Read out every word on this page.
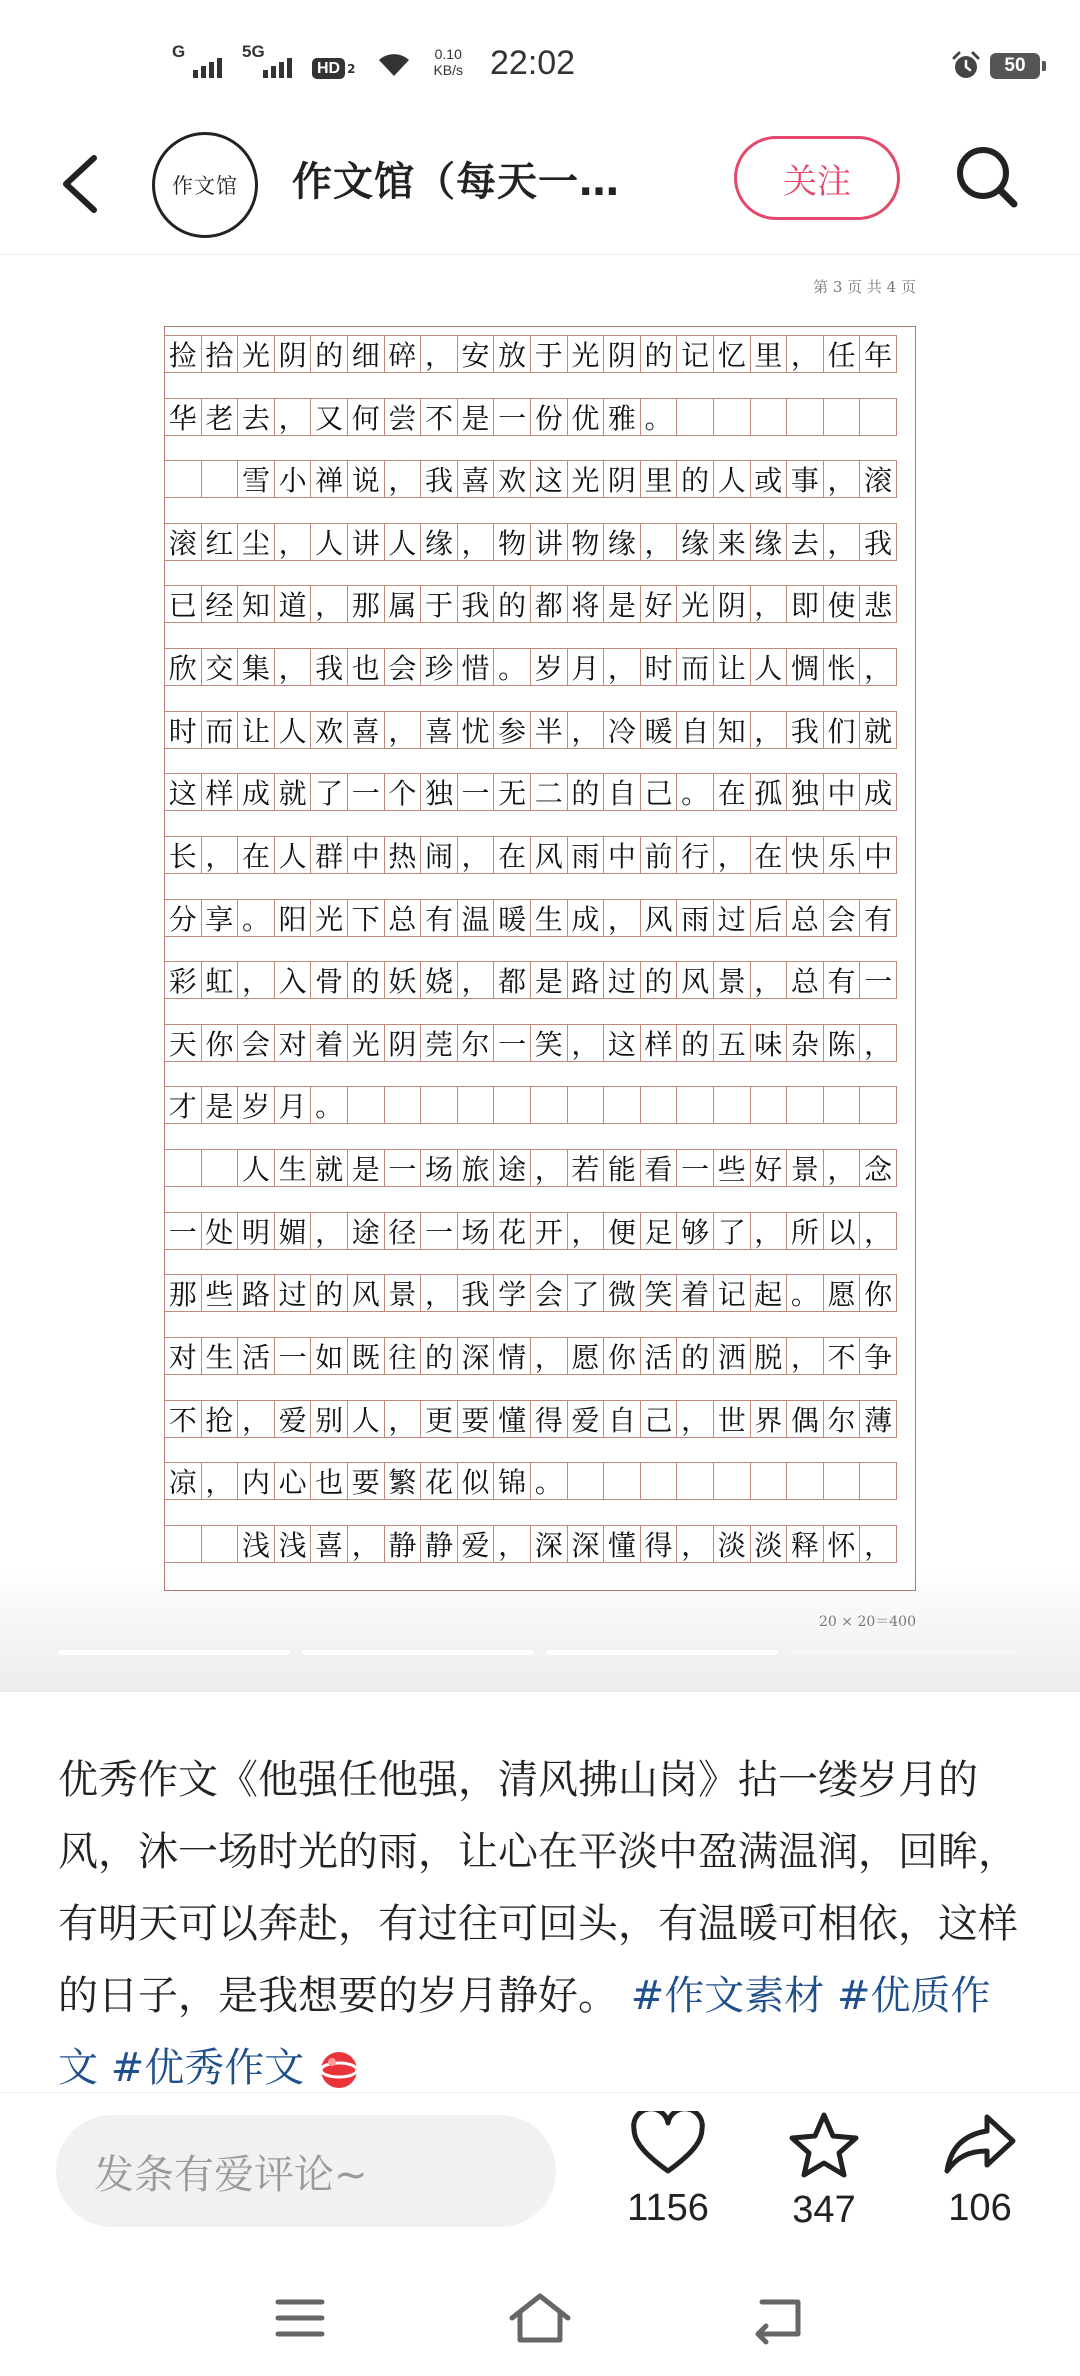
G	5G
HD 2
0.10
KB/s 22:02	50
作文馆 作文馆（每天一…	关注
第 3 页 共 4 页
捡 拾 光 阴 的 细 碎 ， 安 放 于 光 阴 的 记 忆 里 ， 任 年
华 老 去 ， 又 何 尝 不 是 一 份 优 雅 。
雪 小 禅 说 ， 我 喜 欢 这 光 阴 里 的 人 或 事 ， 滚
滚 红 尘 ， 人 讲 人 缘 ， 物 讲 物 缘 ， 缘 来 缘 去 ， 我
已 经 知 道 ， 那 属 于 我 的 都 将 是 好 光 阴 ， 即 使 悲
欣 交 集 ， 我 也 会 珍 惜 。 岁 月 ， 时 而 让 人 惆 怅 ，
时 而 让 人 欢 喜 ， 喜 忧 参 半 ， 冷 暖 自 知 ， 我 们 就
这 样 成 就 了 一 个 独 一 无 二 的 自 己 。 在 孤 独 中 成
长 ， 在 人 群 中 热 闹 ， 在 风 雨 中 前 行 ， 在 快 乐 中
分 享 。 阳 光 下 总 有 温 暖 生 成 ， 风 雨 过 后 总 会 有
彩 虹 ， 入 骨 的 妖 娆 ， 都 是 路 过 的 风 景 ， 总 有 一
天 你 会 对 着 光 阴 莞 尔 一 笑 ， 这 样 的 五 味 杂 陈 ，
才 是 岁 月 。
人 生 就 是 一 场 旅 途 ， 若 能 看 一 些 好 景 ， 念
一 处 明 媚 ， 途 径 一 场 花 开 ， 便 足 够 了 ， 所 以 ，
那 些 路 过 的 风 景 ， 我 学 会 了 微 笑 着 记 起 。 愿 你
对 生 活 一 如 既 往 的 深 情 ， 愿 你 活 的 洒 脱 ， 不 争
不 抢 ， 爱 别 人 ， 更 要 懂 得 爱 自 己 ， 世 界 偶 尔 薄
凉 ， 内 心 也 要 繁 花 似 锦 。
浅 浅 喜 ， 静 静 爱 ， 深 深 懂 得 ， 淡 淡 释 怀 ，
20 × 20＝400
优秀作文《他强任他强，清风拂山岗》拈一缕岁月的风，沐一场时光的雨，让心在平淡中盈满温润，回眸，有明天可以奔赴，有过往可回头，有温暖可相依，这样的日子，是我想要的岁月静好。 #作文素材 #优质作文 #优秀作文
发条有爱评论~
1156	347	106
